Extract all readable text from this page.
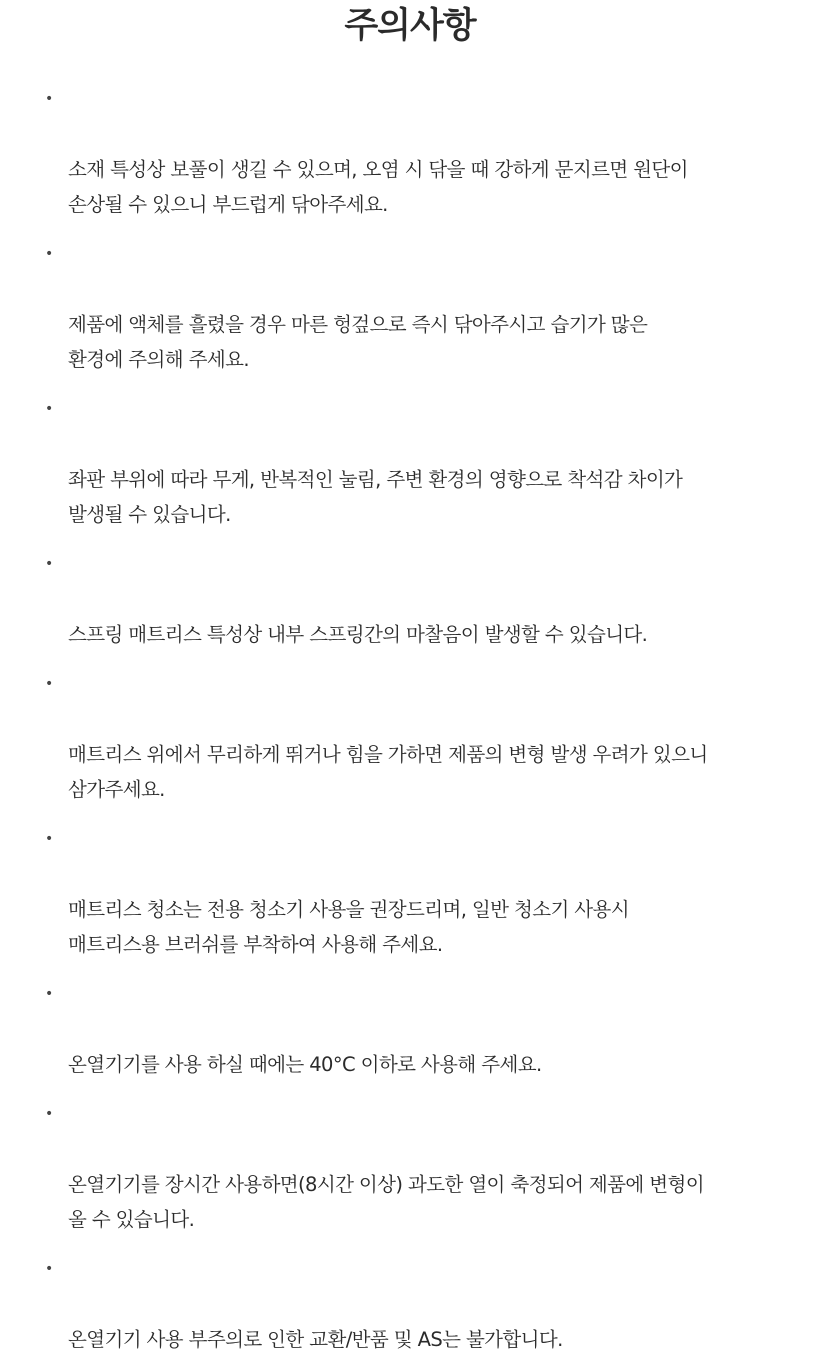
주의사항

•

소재 특성상 보풀이 생길 수 있으며, 오염 시 닦을 때 강하게 문지르면 원단이
손상될 수 있으니 부드럽게 닦아주세요.

•

제품에 액체를 흘렸을 경우 마른 헝겊으로 즉시 닦아주시고 습기가 많은
환경에 주의해 주세요.

•

좌판 부위에 따라 무게, 반복적인 눌림, 주변 환경의 영향으로 착석감 차이가
발생될 수 있습니다.

•

스프링 매트리스 특성상 내부 스프링간의 마찰음이 발생할 수 있습니다.

•

매트리스 위에서 무리하게 뛰거나 힘을 가하면 제품의 변형 발생 우려가 있으니
삼가주세요.

•

매트리스 청소는 전용 청소기 사용을 권장드리며, 일반 청소기 사용시
매트리스용 브러쉬를 부착하여 사용해 주세요.

•

온열기기를 사용 하실 때에는 40°C 이하로 사용해 주세요.

•

온열기기를 장시간 사용하면(8시간 이상) 과도한 열이 축정되어 제품에 변형이
올 수 있습니다.

•

온열기기 사용 부주의로 인한 교환/반품 및 AS는 불가합니다.
